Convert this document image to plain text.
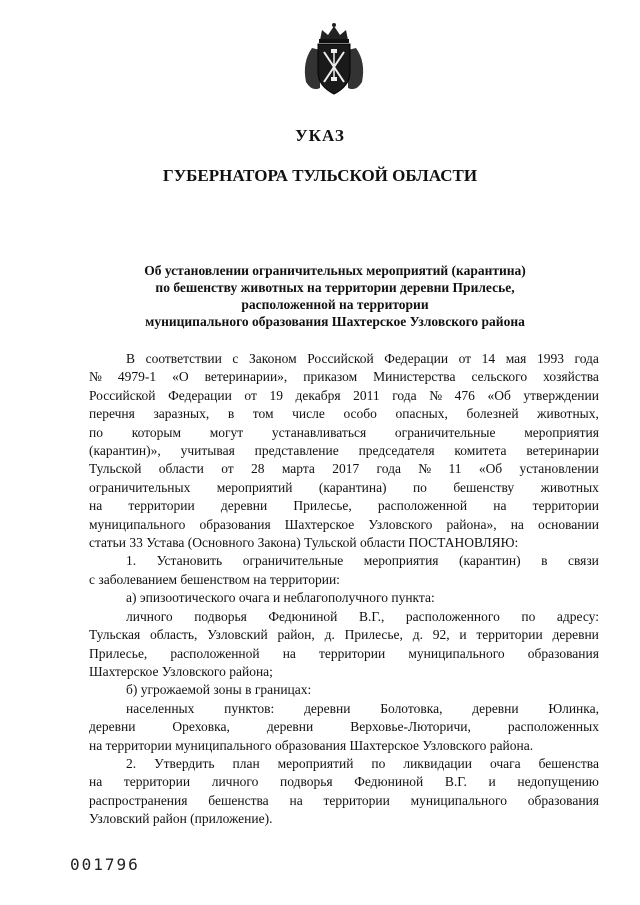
УКАЗ
ГУБЕРНАТОРА ТУЛЬСКОЙ ОБЛАСТИ
Об установлении ограничительных мероприятий (карантина)
по бешенству животных на территории деревни Прилесье,
расположенной на территории
муниципального образования Шахтерское Узловского района
В соответствии с Законом Российской Федерации от 14 мая 1993 года
№ 4979-1 «О ветеринарии», приказом Министерства сельского хозяйства
Российской Федерации от 19 декабря 2011 года № 476 «Об утверждении
перечня заразных, в том числе особо опасных, болезней животных,
по которым могут устанавливаться ограничительные мероприятия
(карантин)», учитывая представление председателя комитета ветеринарии
Тульской области от 28 марта 2017 года № 11 «Об установлении
ограничительных мероприятий (карантина) по бешенству животных
на территории деревни Прилесье, расположенной на территории
муниципального образования Шахтерское Узловского района», на основании
статьи 33 Устава (Основного Закона) Тульской области ПОСТАНОВЛЯЮ:
1. Установить ограничительные мероприятия (карантин) в связи
с заболеванием бешенством на территории:
а) эпизоотического очага и неблагополучного пункта:
личного подворья Федюниной В.Г., расположенного по адресу:
Тульская область, Узловский район, д. Прилесье, д. 92, и территории деревни
Прилесье, расположенной на территории муниципального образования
Шахтерское Узловского района;
б) угрожаемой зоны в границах:
населенных пунктов: деревни Болотовка, деревни Юлинка,
деревни	Ореховка,	деревни	Верховье-Люторичи,	расположенных
на территории муниципального образования Шахтерское Узловского района.
2. Утвердить план мероприятий по ликвидации очага бешенства
на территории личного подворья Федюниной В.Г. и недопущению
распространения бешенства на территории муниципального образования
Узловский район (приложение).
001796
